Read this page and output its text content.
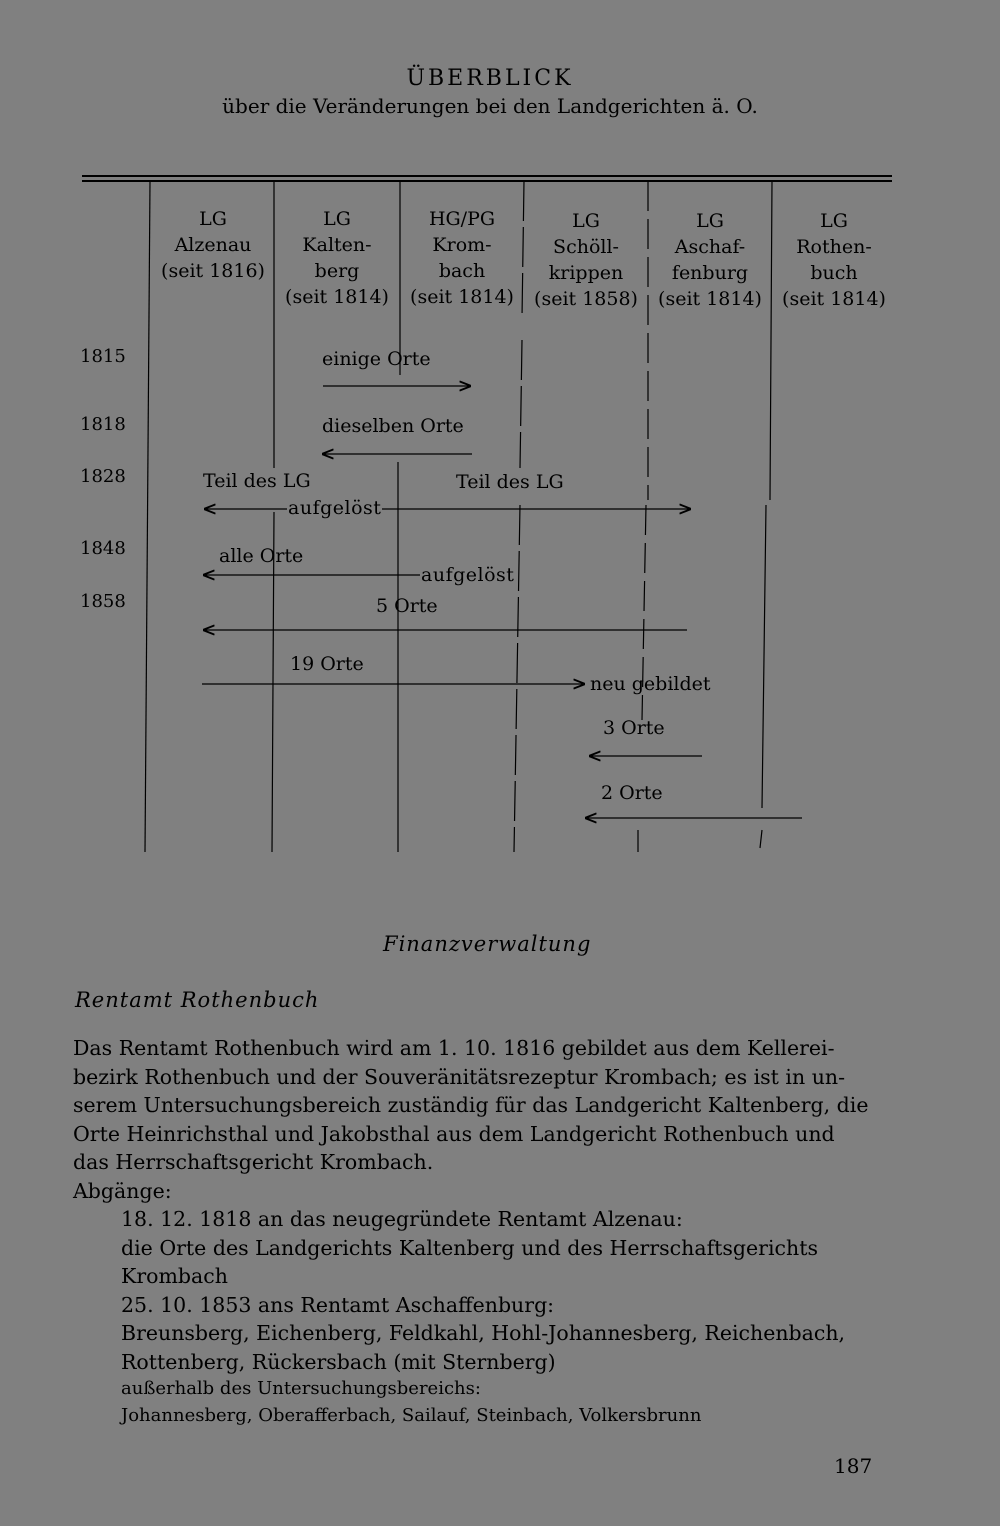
ÜBERBLICK
über die Veränderungen bei den Landgerichten ä. O.
LG
Alzenau
(seit 1816)
LG
Kalten-
berg
(seit 1814)
HG/PG
Krom-
bach
(seit 1814)
LG
Schöll-
krippen
(seit 1858)
LG
Aschaf-
fenburg
(seit 1814)
LG
Rothen-
buch
(seit 1814)
1815
1818
1828
1848
1858
einige Orte
dieselben Orte
Teil des LG	Teil des LG
aufgelöst
alle Orte
aufgelöst
5 Orte
19 Orte
neu gebildet
3 Orte
2 Orte
Finanzverwaltung
Rentamt Rothenbuch
Das Rentamt Rothenbuch wird am 1. 10. 1816 gebildet aus dem Kellerei-
bezirk Rothenbuch und der Souveränitätsrezeptur Krombach; es ist in un-
serem Untersuchungsbereich zuständig für das Landgericht Kaltenberg, die
Orte Heinrichsthal und Jakobsthal aus dem Landgericht Rothenbuch und
das Herrschaftsgericht Krombach.
Abgänge:
18. 12. 1818 an das neugegründete Rentamt Alzenau:
die Orte des Landgerichts Kaltenberg und des Herrschaftsgerichts
Krombach
25. 10. 1853 ans Rentamt Aschaffenburg:
Breunsberg, Eichenberg, Feldkahl, Hohl-Johannesberg, Reichenbach,
Rottenberg, Rückersbach (mit Sternberg)
außerhalb des Untersuchungsbereichs:
Johannesberg, Oberafferbach, Sailauf, Steinbach, Volkersbrunn
187
